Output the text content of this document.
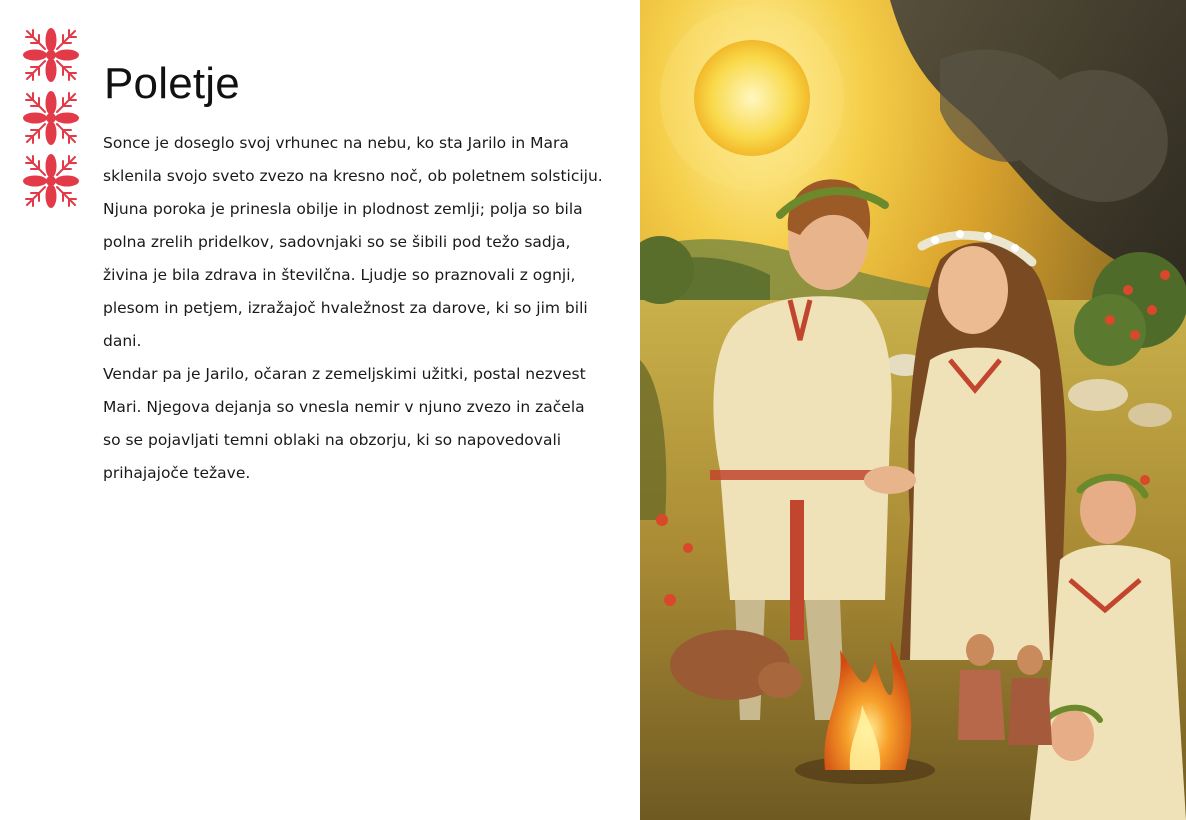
Poletje

Sonce je doseglo svoj vrhunec na nebu, ko sta Jarilo in Mara sklenila svojo sveto zvezo na kresno noč, ob poletnem solsticiju. Njuna poroka je prinesla obilje in plodnost zemlji; polja so bila polna zrelih pridelkov, sadovnjaki so se šibili pod težo sadja, živina je bila zdrava in številčna. Ljudje so praznovali z ognji, plesom in petjem, izražajoč hvaležnost za darove, ki so jim bili dani.

Vendar pa je Jarilo, očaran z zemeljskimi užitki, postal nezvest Mari. Njegova dejanja so vnesla nemir v njuno zvezo in začela so se pojavljati temni oblaki na obzorju, ki so napovedovali prihajajoče težave.
